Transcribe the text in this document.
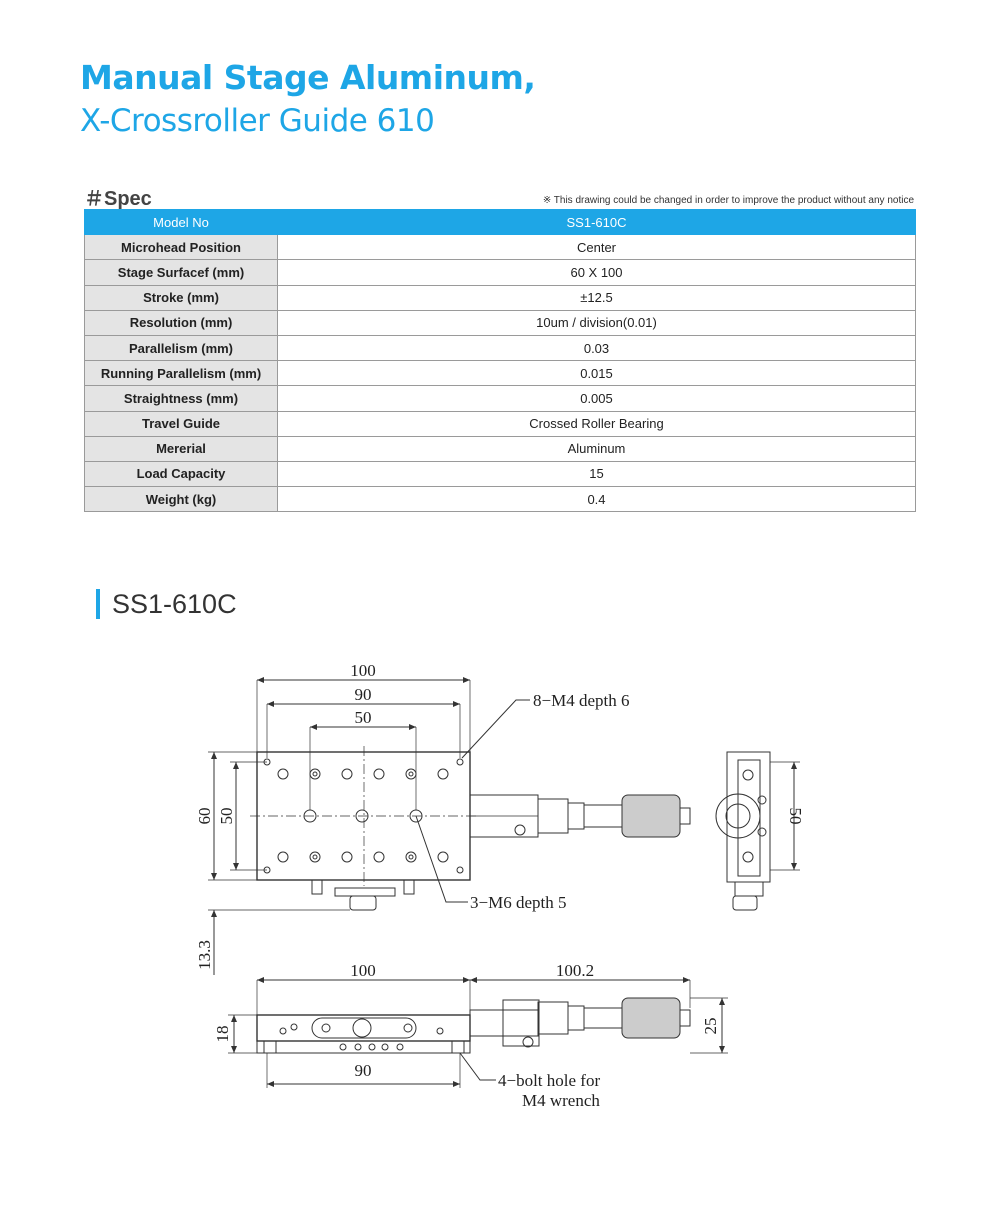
Manual Stage Aluminum,
X-Crossroller Guide 610
＃Spec	※ This drawing could be changed in order to improve the product without any notice
Model No	SS1-610C
Microhead Position	Center
Stage Surfacef (mm)	60 X 100
Stroke (mm)	±12.5
Resolution (mm)	10um / division(0.01)
Parallelism (mm)	0.03
Running Parallelism (mm)	0.015
Straightness (mm)	0.005
Travel Guide	Crossed Roller Bearing
Mererial	Aluminum
Load Capacity	15
Weight (kg)	0.4
SS1-610C
100
90
50
8−M4 depth 6
3−M6 depth 5
60 50	50
13.3
100	100.2
18	25
90
4−bolt hole for
M4 wrench
